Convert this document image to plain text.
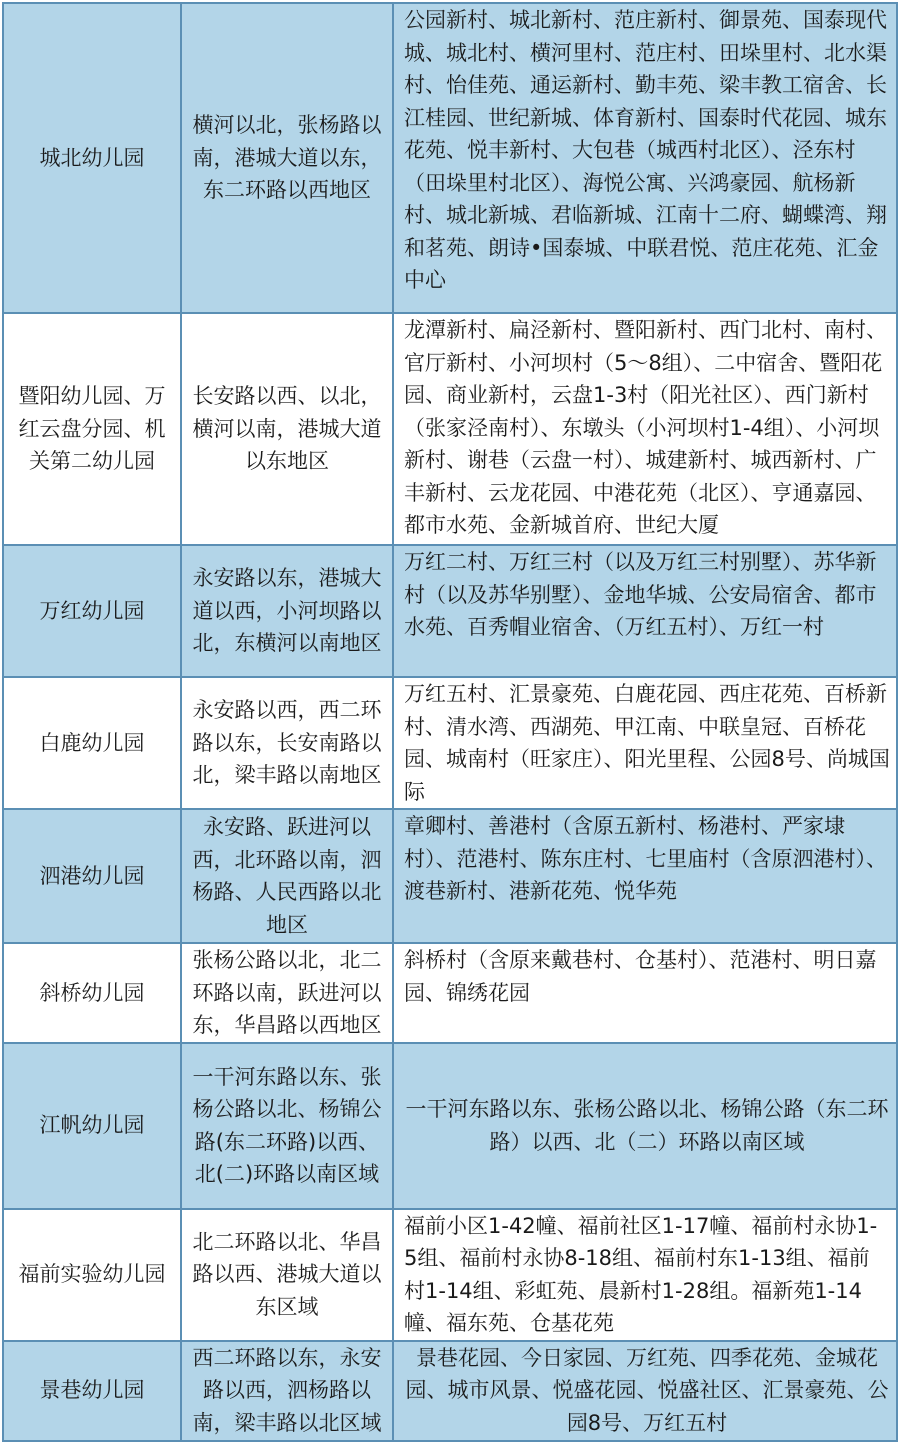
城北幼儿园	横河以北，张杨路以南，港城大道以东，东二环路以西地区	公园新村、城北新村、范庄新村、御景苑、国泰现代城、城北村、横河里村、范庄村、田垛里村、北水渠村、怡佳苑、通运新村、勤丰苑、梁丰教工宿舍、长江桂园、世纪新城、体育新村、国泰时代花园、城东花苑、悦丰新村、大包巷（城西村北区）、泾东村（田垛里村北区）、海悦公寓、兴鸿豪园、航杨新村、城北新城、君临新城、江南十二府、蝴蝶湾、翔和茗苑、朗诗•国泰城、中联君悦、范庄花苑、汇金中心
暨阳幼儿园、万红云盘分园、机关第二幼儿园	长安路以西、以北，横河以南，港城大道以东地区	龙潭新村、扁泾新村、暨阳新村、西门北村、南村、官厅新村、小河坝村（5～8组）、二中宿舍、暨阳花园、商业新村，云盘1-3村（阳光社区）、西门新村（张家泾南村）、东墩头（小河坝村1-4组）、小河坝新村、谢巷（云盘一村）、城建新村、城西新村、广丰新村、云龙花园、中港花苑（北区）、亨通嘉园、都市水苑、金新城首府、世纪大厦
万红幼儿园	永安路以东，港城大道以西，小河坝路以北，东横河以南地区	万红二村、万红三村（以及万红三村别墅）、苏华新村（以及苏华别墅）、金地华城、公安局宿舍、都市水苑、百秀帽业宿舍、（万红五村）、万红一村
白鹿幼儿园	永安路以西，西二环路以东，长安南路以北，梁丰路以南地区	万红五村、汇景豪苑、白鹿花园、西庄花苑、百桥新村、清水湾、西湖苑、甲江南、中联皇冠、百桥花园、城南村（旺家庄）、阳光里程、公园8号、尚城国际
泗港幼儿园	永安路、跃进河以西，北环路以南，泗杨路、人民西路以北地区	章卿村、善港村（含原五新村、杨港村、严家埭村）、范港村、陈东庄村、七里庙村（含原泗港村）、渡巷新村、港新花苑、悦华苑
斜桥幼儿园	张杨公路以北，北二环路以南，跃进河以东，华昌路以西地区	斜桥村（含原来戴巷村、仓基村）、范港村、明日嘉园、锦绣花园
江帆幼儿园	一干河东路以东、张杨公路以北、杨锦公路(东二环路)以西、北(二)环路以南区域	一干河东路以东、张杨公路以北、杨锦公路（东二环路）以西、北（二）环路以南区域
福前实验幼儿园	北二环路以北、华昌路以西、港城大道以东区域	福前小区1-42幢、福前社区1-17幢、福前村永协1-5组、福前村永协8-18组、福前村东1-13组、福前村1-14组、彩虹苑、晨新村1-28组。福新苑1-14幢、福东苑、仓基花苑
景巷幼儿园	西二环路以东，永安路以西，泗杨路以南，梁丰路以北区域	景巷花园、今日家园、万红苑、四季花苑、金城花园、城市风景、悦盛花园、悦盛社区、汇景豪苑、公园8号、万红五村
